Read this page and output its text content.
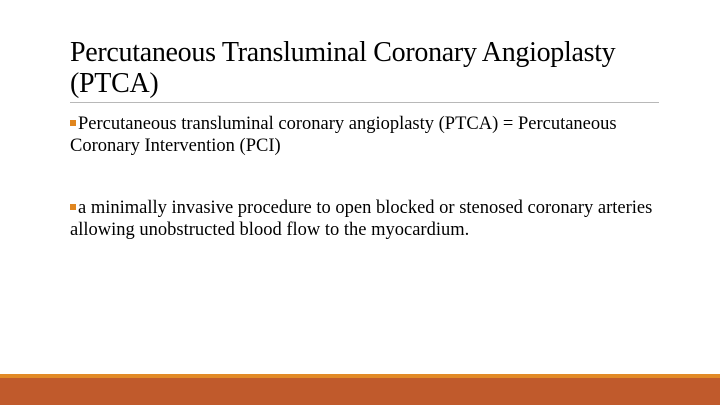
Percutaneous Transluminal Coronary Angioplasty (PTCA)
Percutaneous transluminal coronary angioplasty (PTCA) = Percutaneous Coronary Intervention (PCI)
a minimally invasive procedure to open blocked or stenosed coronary arteries allowing unobstructed blood flow to the myocardium.
